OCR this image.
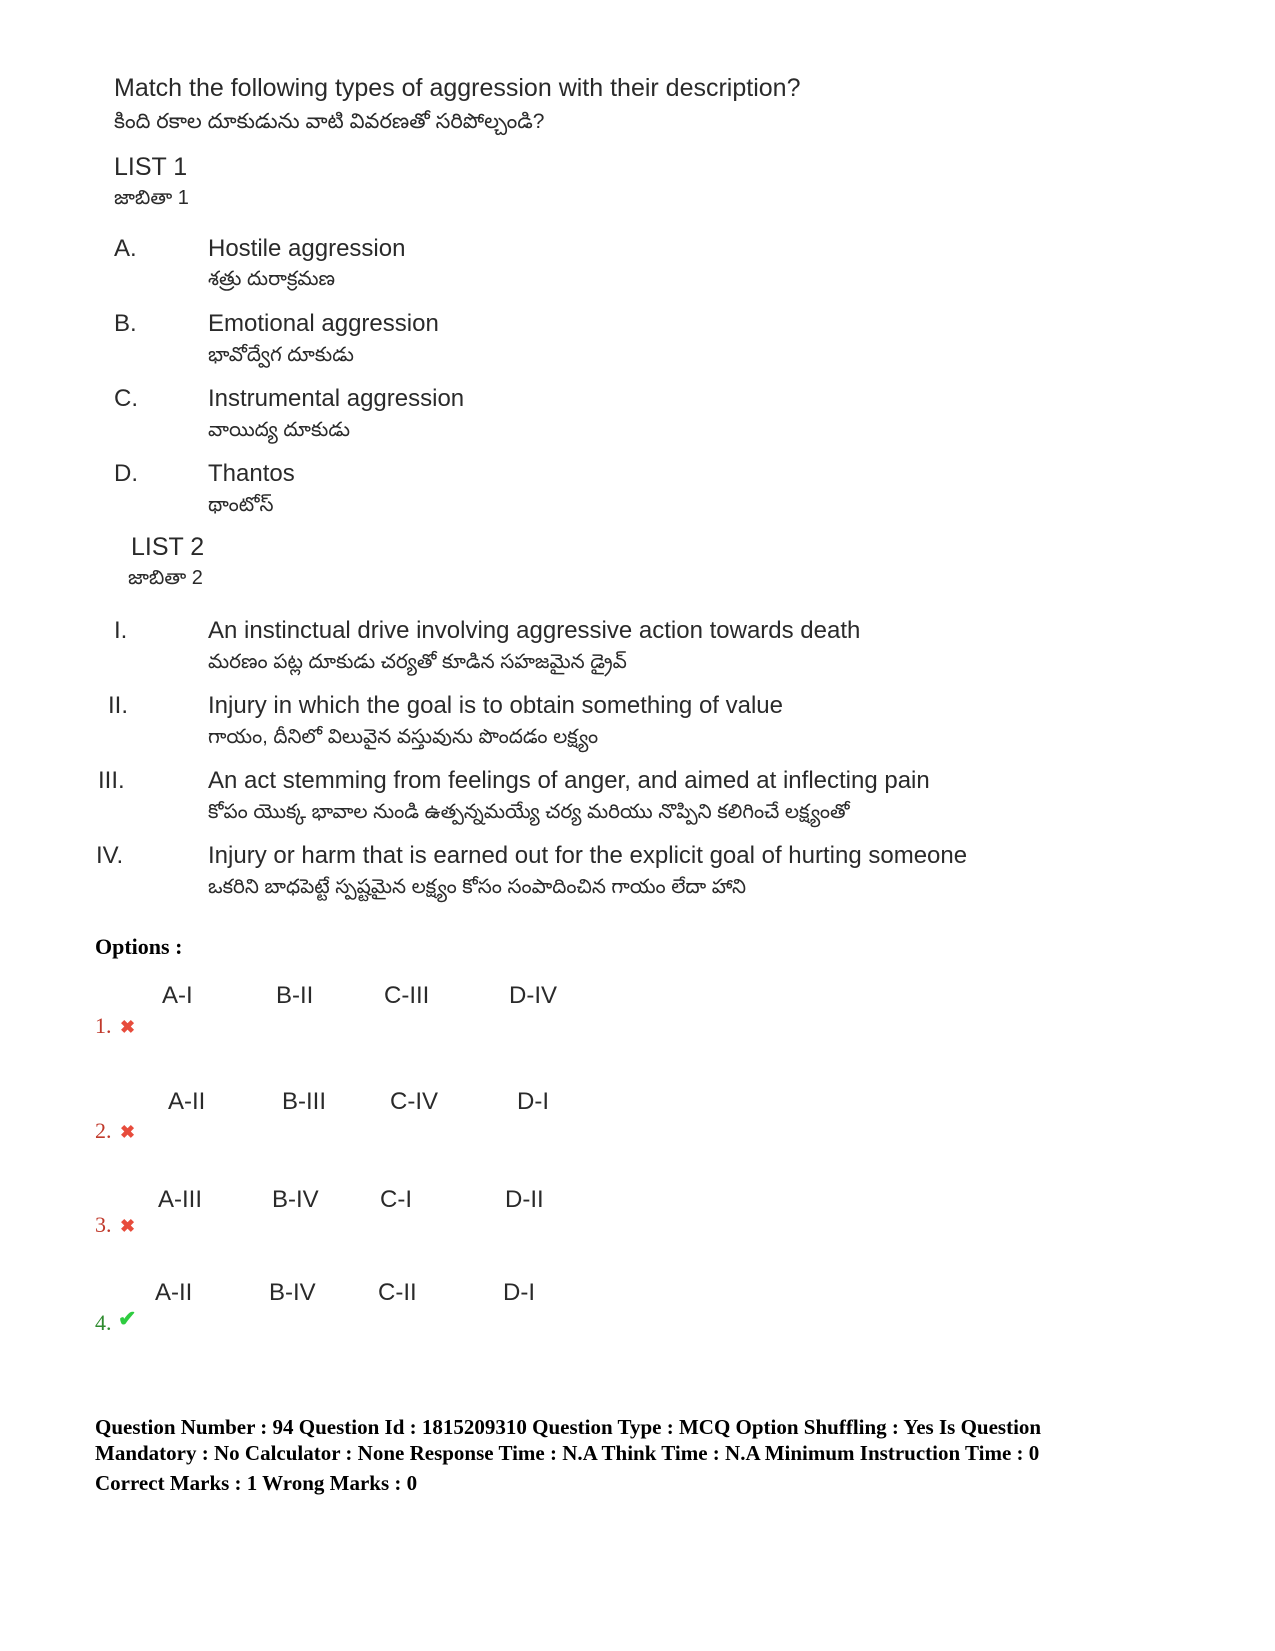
Match the following types of aggression with their description?
కింది రకాల దూకుడును వాటి వివరణతో సరిపోల్చండి?
LIST 1
జాబితా 1
A.	Hostile aggression
శత్రు దురాక్రమణ
B.	Emotional aggression
భావోద్వేగ దూకుడు
C.	Instrumental aggression
వాయిద్య దూకుడు
D.	Thantos
థాంటోస్
LIST 2
జాబితా 2
I.	An instinctual drive involving aggressive action towards death
మరణం పట్ల దూకుడు చర్యతో కూడిన సహజమైన డ్రైవ్
II.	Injury in which the goal is to obtain something of value
గాయం, దీనిలో విలువైన వస్తువును పొందడం లక్ష్యం
III.	An act stemming from feelings of anger, and aimed at inflecting pain
కోపం యొక్క భావాల నుండి ఉత్పన్నమయ్యే చర్య మరియు నొప్పిని కలిగించే లక్ష్యంతో
IV.	Injury or harm that is earned out for the explicit goal of hurting someone
ఒకరిని బాధపెట్టే స్పష్టమైన లక్ష్యం కోసం సంపాదించిన గాయం లేదా హాని
Options :
A-I	B-II	C-III	D-IV
1. ✖
A-II	B-III	C-IV	D-I
2. ✖
A-III	B-IV	C-I	D-II
3. ✖
A-II	B-IV	C-II	D-I
4. ✔
Question Number : 94 Question Id : 1815209310 Question Type : MCQ Option Shuffling : Yes Is Question
Mandatory : No Calculator : None Response Time : N.A Think Time : N.A Minimum Instruction Time : 0
Correct Marks : 1 Wrong Marks : 0
